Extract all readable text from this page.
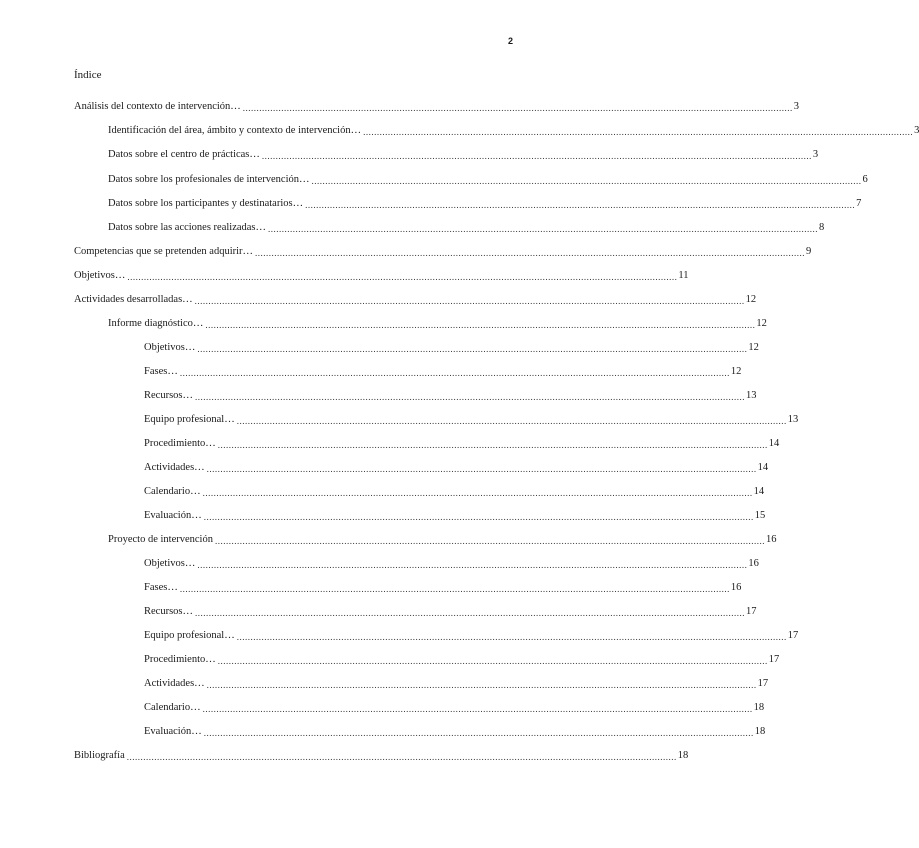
2
Índice
Análisis del contexto de intervención… ........................................................................................................................................................................................................ 3
Identificación del área, ámbito y contexto de intervención… ........................................................................................................................................................................................................ 3
Datos sobre el centro de prácticas… ........................................................................................................................................................................................................ 3
Datos sobre los profesionales de intervención… ........................................................................................................................................................................................................ 6
Datos sobre los participantes y destinatarios… ........................................................................................................................................................................................................ 7
Datos sobre las acciones realizadas… ........................................................................................................................................................................................................ 8
Competencias que se pretenden adquirir… ........................................................................................................................................................................................................ 9
Objetivos… ........................................................................................................................................................................................................ 11
Actividades desarrolladas… ........................................................................................................................................................................................................ 12
Informe diagnóstico… ........................................................................................................................................................................................................ 12
Objetivos… ........................................................................................................................................................................................................ 12
Fases… ........................................................................................................................................................................................................ 12
Recursos… ........................................................................................................................................................................................................ 13
Equipo profesional… ........................................................................................................................................................................................................ 13
Procedimiento… ........................................................................................................................................................................................................ 14
Actividades… ........................................................................................................................................................................................................ 14
Calendario… ........................................................................................................................................................................................................ 14
Evaluación… ........................................................................................................................................................................................................ 15
Proyecto de intervención ........................................................................................................................................................................................................ 16
Objetivos… ........................................................................................................................................................................................................ 16
Fases… ........................................................................................................................................................................................................ 16
Recursos… ........................................................................................................................................................................................................ 17
Equipo profesional… ........................................................................................................................................................................................................ 17
Procedimiento… ........................................................................................................................................................................................................ 17
Actividades… ........................................................................................................................................................................................................ 17
Calendario… ........................................................................................................................................................................................................ 18
Evaluación… ........................................................................................................................................................................................................ 18
Bibliografía ........................................................................................................................................................................................................ 18
